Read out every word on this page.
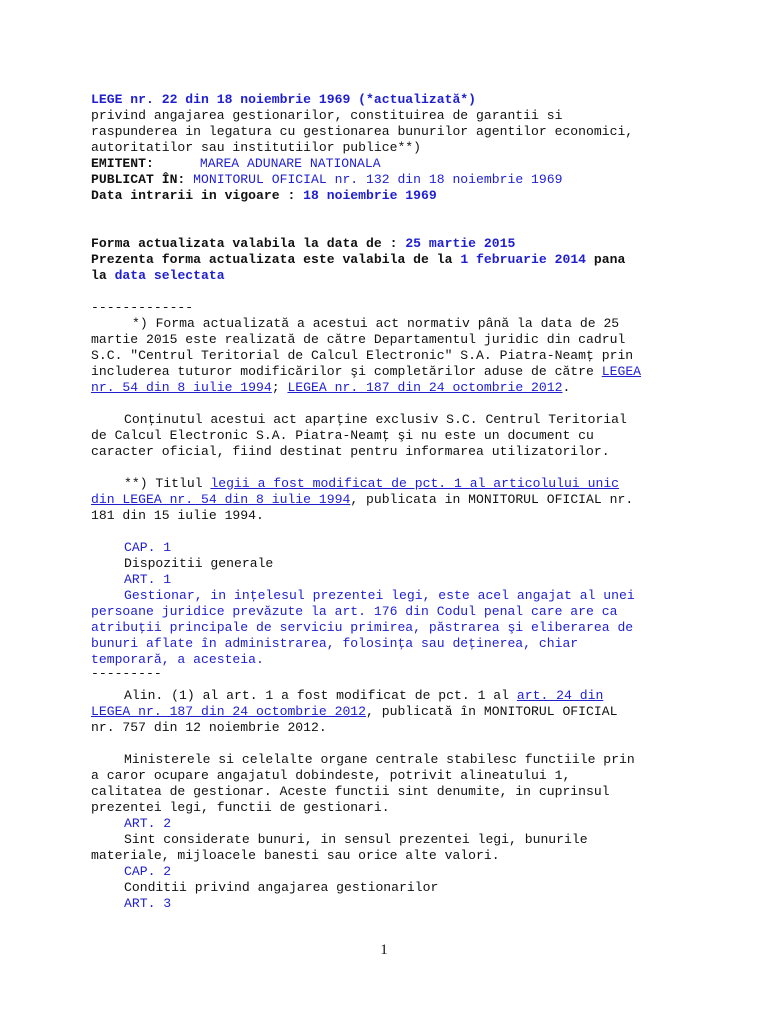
LEGE nr. 22 din 18 noiembrie 1969 (*actualizată*)
privind angajarea gestionarilor, constituirea de garantii si
raspunderea in legatura cu gestionarea bunurilor agentilor economici,
autoritatilor sau institutiilor publice**)
EMITENT:	MAREA ADUNARE NATIONALA
PUBLICAT ÎN: MONITORUL OFICIAL nr. 132 din 18 noiembrie 1969
Data intrarii in vigoare : 18 noiembrie 1969
Forma actualizata valabila la data de : 25 martie 2015
Prezenta forma actualizata este valabila de la 1 februarie 2014 pana
la data selectata
-------------
*) Forma actualizată a acestui act normativ până la data de 25
martie 2015 este realizată de către Departamentul juridic din cadrul
S.C. "Centrul Teritorial de Calcul Electronic" S.A. Piatra-Neamţ prin
includerea tuturor modificărilor şi completărilor aduse de către LEGEA
nr. 54 din 8 iulie 1994; LEGEA nr. 187 din 24 octombrie 2012.
Conţinutul acestui act aparţine exclusiv S.C. Centrul Teritorial
de Calcul Electronic S.A. Piatra-Neamţ şi nu este un document cu
caracter oficial, fiind destinat pentru informarea utilizatorilor.
**) Titlul legii a fost modificat de pct. 1 al articolului unic
din LEGEA nr. 54 din 8 iulie 1994, publicata in MONITORUL OFICIAL nr.
181 din 15 iulie 1994.
CAP. 1
Dispozitii generale
ART. 1
Gestionar, in inţelesul prezentei legi, este acel angajat al unei
persoane juridice prevăzute la art. 176 din Codul penal care are ca
atribuţii principale de serviciu primirea, păstrarea şi eliberarea de
bunuri aflate în administrarea, folosinţa sau deţinerea, chiar
temporară, a acesteia.
---------
Alin. (1) al art. 1 a fost modificat de pct. 1 al art. 24 din
LEGEA nr. 187 din 24 octombrie 2012, publicată în MONITORUL OFICIAL
nr. 757 din 12 noiembrie 2012.
Ministerele si celelalte organe centrale stabilesc functiile prin
a caror ocupare angajatul dobindeste, potrivit alineatului 1,
calitatea de gestionar. Aceste functii sint denumite, in cuprinsul
prezentei legi, functii de gestionari.
ART. 2
Sint considerate bunuri, in sensul prezentei legi, bunurile
materiale, mijloacele banesti sau orice alte valori.
CAP. 2
Conditii privind angajarea gestionarilor
ART. 3
1
